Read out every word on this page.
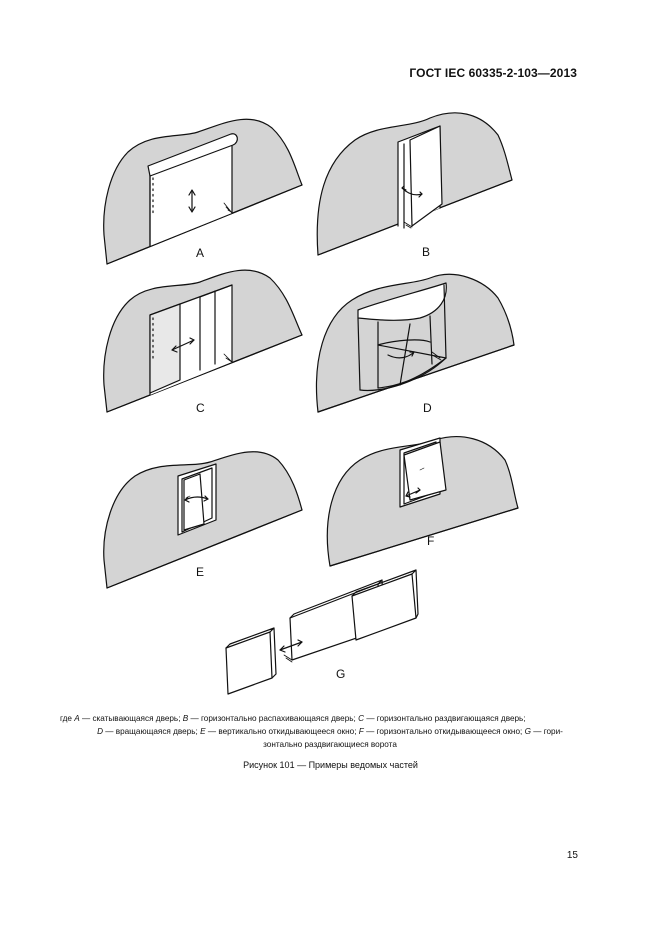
ГОСТ IEC 60335-2-103—2013
A	B
C	D
E
F
G
где A — скатывающаяся дверь; B — горизонтально распахивающаяся дверь; C — горизонтально раздвигающаяся дверь;
D — вращающаяся дверь; E — вертикально откидывающееся окно; F — горизонтально откидывающееся окно; G — гори-
зонтально раздвигающиеся ворота
Рисунок 101 — Примеры ведомых частей
15
